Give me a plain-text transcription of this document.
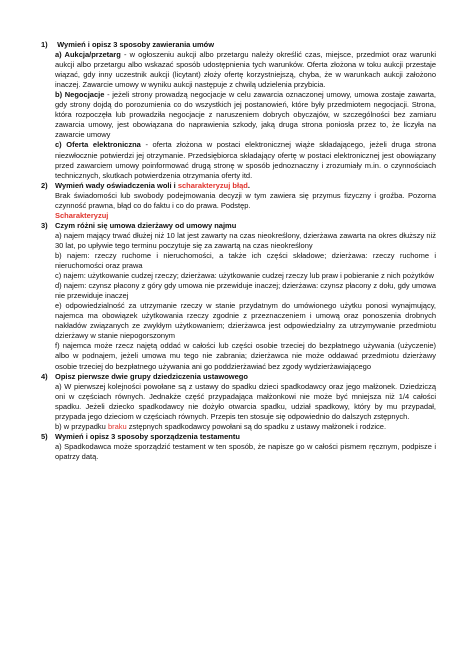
1) Wymień i opisz 3 sposoby zawierania umów

a) Aukcja/przetarg - w ogłoszeniu aukcji albo przetargu należy określić czas, miejsce, przedmiot oraz warunki aukcji albo przetargu albo wskazać sposób udostępnienia tych warunków. Oferta złożona w toku aukcji przestaje wiązać, gdy inny uczestnik aukcji (licytant) złoży ofertę korzystniejszą, chyba, że w warunkach aukcji założono inaczej. Zawarcie umowy w wyniku aukcji następuje z chwilą udzielenia przybicia.

b) Negocjacje - jeżeli strony prowadzą negocjacje w celu zawarcia oznaczonej umowy, umowa zostaje zawarta, gdy strony dojdą do porozumienia co do wszystkich jej postanowień, które były przedmiotem negocjacji. Strona, która rozpoczęła lub prowadziła negocjacje z naruszeniem dobrych obyczajów, w szczególności bez zamiaru zawarcia umowy, jest obowiązana do naprawienia szkody, jaką druga strona poniosła przez to, że liczyła na zawarcie umowy

c) Oferta elektroniczna - oferta złożona w postaci elektronicznej wiąże składającego, jeżeli druga strona niezwłocznie potwierdzi jej otrzymanie. Przedsiębiorca składający ofertę w postaci elektronicznej jest obowiązany przed zawarciem umowy poinformować drugą stronę w sposób jednoznaczny i zrozumiały m.in. o czynnościach technicznych, skutkach potwierdzenia otrzymania oferty itd.

2) Wymień wady oświadczenia woli i scharakteryzuj błąd.

Brak świadomości lub swobody podejmowania decyzji w tym zawiera się przymus fizyczny i groźba. Pozorna czynność prawna, błąd co do faktu i co do prawa. Podstęp.

Scharakteryzuj

3) Czym różni się umowa dzierżawy od umowy najmu

a) najem mający trwać dłużej niż 10 lat jest zawarty na czas nieokreślony, dzierżawa zawarta na okres dłuższy niż 30 lat, po upływie tego terminu poczytuje się za zawartą na czas nieokreślony

b) najem: rzeczy ruchome i nieruchomości, a także ich części składowe; dzierżawa: rzeczy ruchome i nieruchomości oraz prawa

c) najem: użytkowanie cudzej rzeczy; dzierżawa: użytkowanie cudzej rzeczy lub praw i pobieranie z nich pożytków

d) najem: czynsz płacony z góry gdy umowa nie przewiduje inaczej; dzierżawa: czynsz płacony z dołu, gdy umowa nie przewiduje inaczej

e) odpowiedzialność za utrzymanie rzeczy w stanie przydatnym do umówionego użytku ponosi wynajmujący, najemca ma obowiązek użytkowania rzeczy zgodnie z przeznaczeniem i umową oraz ponoszenia drobnych nakładów związanych ze zwykłym użytkowaniem; dzierżawca jest odpowiedzialny za utrzymywanie przedmiotu dzierżawy w stanie niepogorszonym

f) najemca może rzecz najętą oddać w całości lub części osobie trzeciej do bezpłatnego używania (użyczenie) albo w podnajem, jeżeli umowa mu tego nie zabrania; dzierżawca nie może oddawać przedmiotu dzierżawy osobie trzeciej do bezpłatnego używania ani go poddzierżawiać bez zgody wydzierżawiającego

4) Opisz pierwsze dwie grupy dziedziczenia ustawowego

a) W pierwszej kolejności powołane są z ustawy do spadku dzieci spadkodawcy oraz jego małżonek. Dziedziczą oni w częściach równych. Jednakże część przypadająca małżonkowi nie może być mniejsza niż 1/4 całości spadku. Jeżeli dziecko spadkodawcy nie dożyło otwarcia spadku, udział spadkowy, który by mu przypadał, przypada jego dzieciom w częściach równych. Przepis ten stosuje się odpowiednio do dalszych zstępnych.

b) w przypadku braku zstępnych spadkodawcy powołani są do spadku z ustawy małżonek i rodzice.

5) Wymień i opisz 3 sposoby sporządzenia testamentu

a) Spadkodawca może sporządzić testament w ten sposób, że napisze go w całości pismem ręcznym, podpisze i opatrzy datą.
